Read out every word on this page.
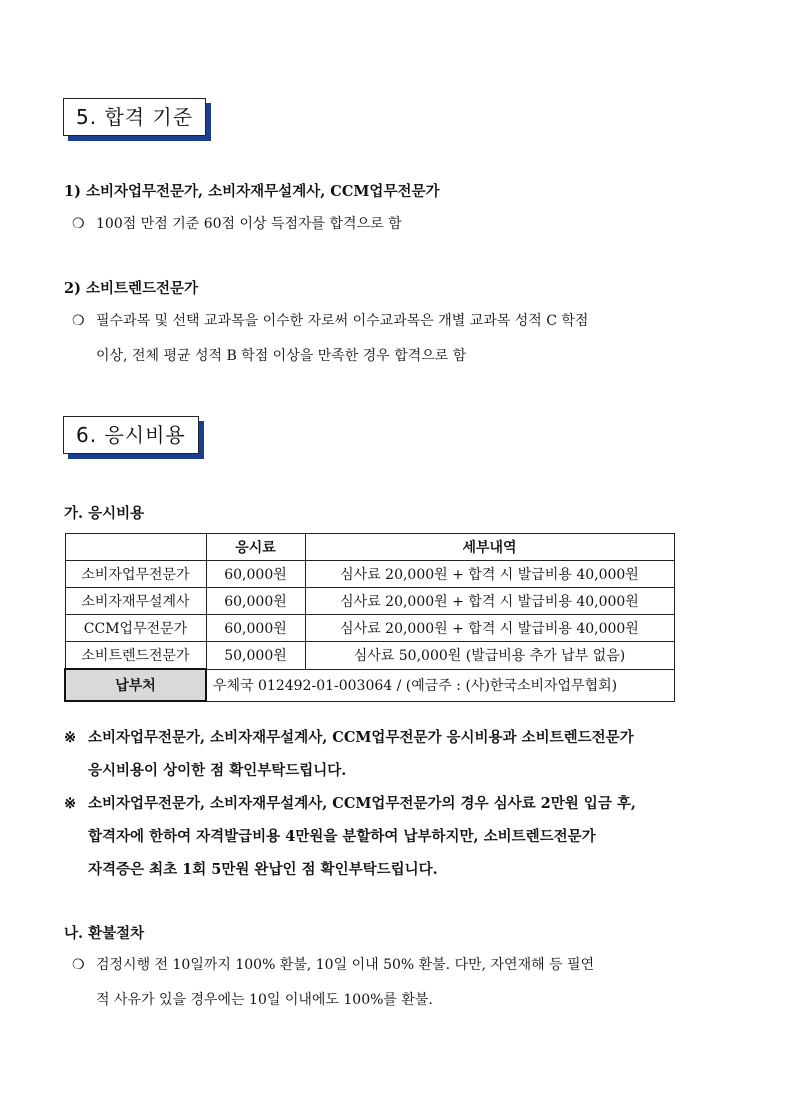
5. 합격 기준
1) 소비자업무전문가, 소비자재무설계사, CCM업무전문가
❍ 100점 만점 기준 60점 이상 득점자를 합격으로 함
2) 소비트렌드전문가
❍ 필수과목 및 선택 교과목을 이수한 자로써 이수교과목은 개별 교과목 성적 C 학점
이상, 전체 평균 성적 B 학점 이상을 만족한 경우 합격으로 함
6. 응시비용
가. 응시비용
	응시료	세부내역
소비자업무전문가	60,000원	심사료 20,000원 + 합격 시 발급비용 40,000원
소비자재무설계사	60,000원	심사료 20,000원 + 합격 시 발급비용 40,000원
CCM업무전문가	60,000원	심사료 20,000원 + 합격 시 발급비용 40,000원
소비트렌드전문가	50,000원	심사료 50,000원 (발급비용 추가 납부 없음)
납부처	우체국 012492-01-003064 / (예금주 : (사)한국소비자업무협회)	
※ 소비자업무전문가, 소비자재무설계사, CCM업무전문가 응시비용과 소비트렌드전문가
응시비용이 상이한 점 확인부탁드립니다.
※ 소비자업무전문가, 소비자재무설계사, CCM업무전문가의 경우 심사료 2만원 입금 후,
합격자에 한하여 자격발급비용 4만원을 분할하여 납부하지만, 소비트렌드전문가
자격증은 최초 1회 5만원 완납인 점 확인부탁드립니다.
나. 환불절차
❍ 검정시행 전 10일까지 100% 환불, 10일 이내 50% 환불. 다만, 자연재해 등 필연
적 사유가 있을 경우에는 10일 이내에도 100%를 환불.
